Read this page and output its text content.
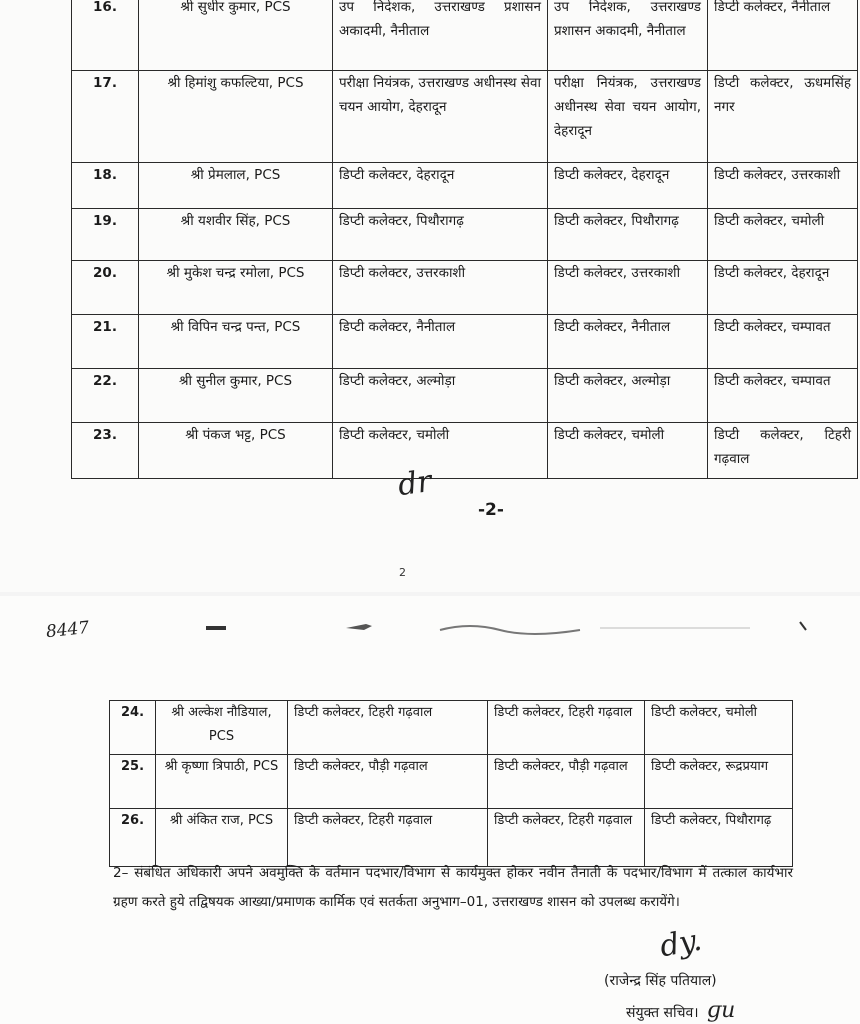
16.	श्री सुधीर कुमार, PCS	उप निदेशक, उत्तराखण्ड प्रशासन अकादमी, नैनीताल	उप निदेशक, उत्तराखण्ड प्रशासन अकादमी, नैनीताल	डिप्टी कलेक्टर, नैनीताल
17.	श्री हिमांशु कफल्टिया, PCS	परीक्षा नियंत्रक, उत्तराखण्ड अधीनस्थ सेवा चयन आयोग, देहरादून	परीक्षा नियंत्रक, उत्तराखण्ड अधीनस्थ सेवा चयन आयोग, देहरादून	डिप्टी कलेक्टर, ऊधमसिंह नगर
18.	श्री प्रेमलाल, PCS	डिप्टी कलेक्टर, देहरादून	डिप्टी कलेक्टर, देहरादून	डिप्टी कलेक्टर, उत्तरकाशी
19.	श्री यशवीर सिंह, PCS	डिप्टी कलेक्टर, पिथौरागढ़	डिप्टी कलेक्टर, पिथौरागढ़	डिप्टी कलेक्टर, चमोली
20.	श्री मुकेश चन्द्र रमोला, PCS	डिप्टी कलेक्टर, उत्तरकाशी	डिप्टी कलेक्टर, उत्तरकाशी	डिप्टी कलेक्टर, देहरादून
21.	श्री विपिन चन्द्र पन्त, PCS	डिप्टी कलेक्टर, नैनीताल	डिप्टी कलेक्टर, नैनीताल	डिप्टी कलेक्टर, चम्पावत
22.	श्री सुनील कुमार, PCS	डिप्टी कलेक्टर, अल्मोड़ा	डिप्टी कलेक्टर, अल्मोड़ा	डिप्टी कलेक्टर, चम्पावत
23.	श्री पंकज भट्ट, PCS	डिप्टी कलेक्टर, चमोली	डिप्टी कलेक्टर, चमोली	डिप्टी कलेक्टर, टिहरी गढ़वाल
dr
-2-
2
8447
24.	श्री अल्केश नौडियाल, PCS	डिप्टी कलेक्टर, टिहरी गढ़वाल	डिप्टी कलेक्टर, टिहरी गढ़वाल	डिप्टी कलेक्टर, चमोली
25.	श्री कृष्णा त्रिपाठी, PCS	डिप्टी कलेक्टर, पौड़ी गढ़वाल	डिप्टी कलेक्टर, पौड़ी गढ़वाल	डिप्टी कलेक्टर, रूद्रप्रयाग
26.	श्री अंकित राज, PCS	डिप्टी कलेक्टर, टिहरी गढ़वाल	डिप्टी कलेक्टर, टिहरी गढ़वाल	डिप्टी कलेक्टर, पिथौरागढ़
2– संबंधित अधिकारी अपने अवमुक्ति के वर्तमान पदभार/विभाग से कार्यमुक्त होकर नवीन तैनाती के पदभार/विभाग में तत्काल कार्यभार ग्रहण करते हुये तद्विषयक आख्या/प्रमाणक कार्मिक एवं सतर्कता अनुभाग–01, उत्तराखण्ड शासन को उपलब्ध करायेंगे।
dy.
(राजेन्द्र सिंह पतियाल)
संयुक्त सचिव। ɡu
